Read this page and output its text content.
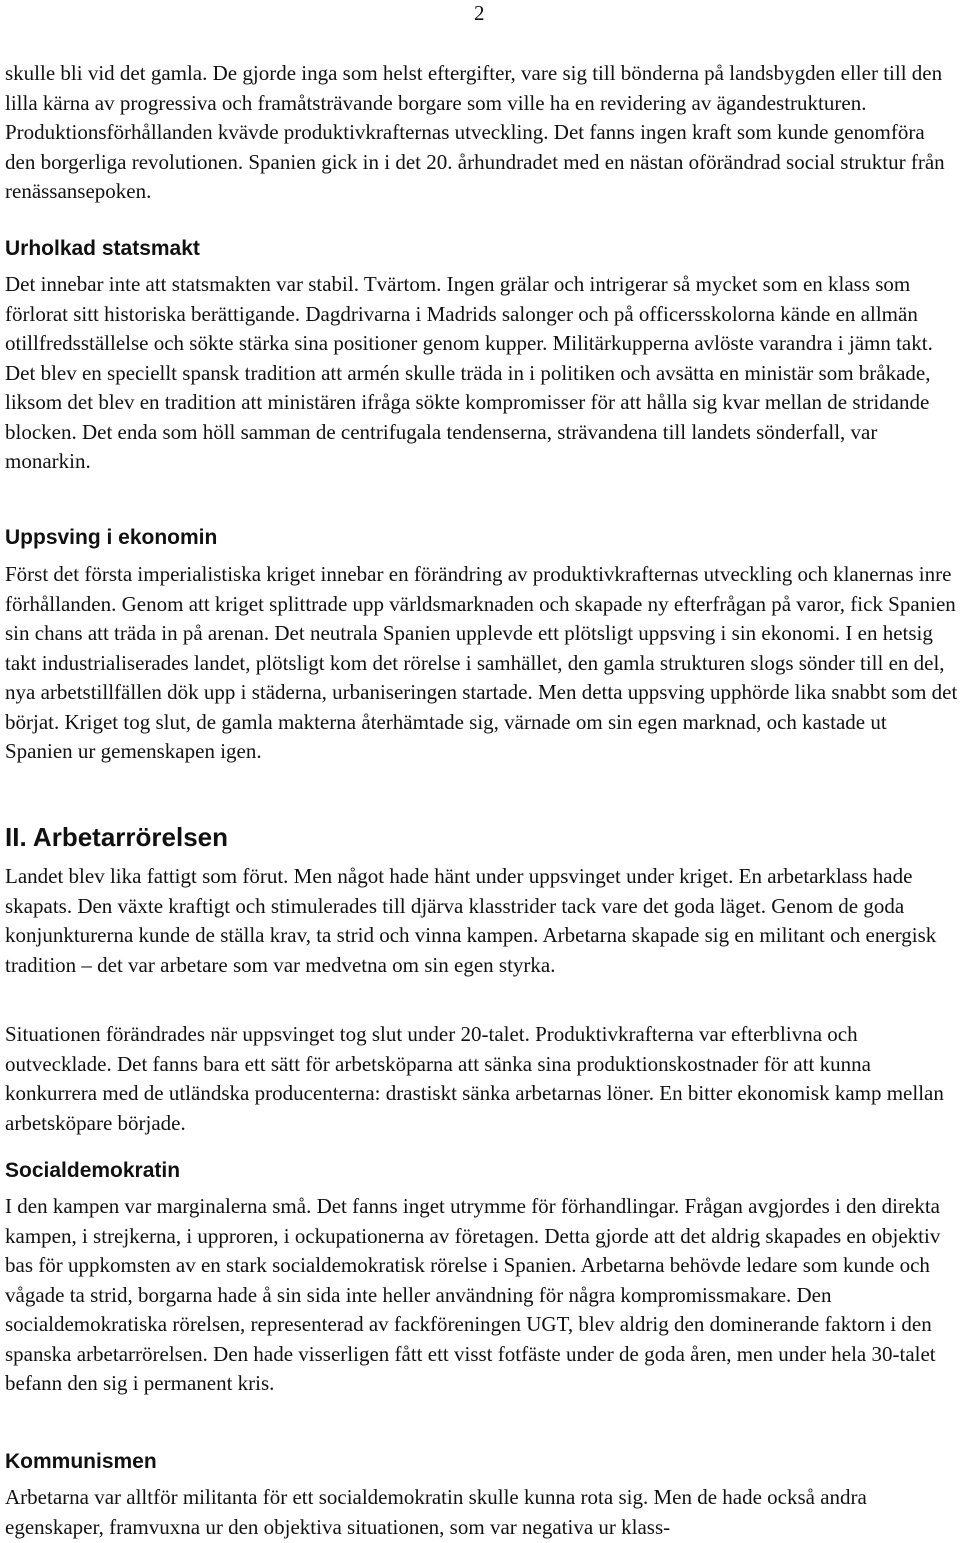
2

skulle bli vid det gamla. De gjorde inga som helst eftergifter, vare sig till bönderna på landsbygden eller till den lilla kärna av progressiva och framåtsträvande borgare som ville ha en revidering av ägandestrukturen. Produktionsförhållanden kvävde produktivkrafternas utveckling. Det fanns ingen kraft som kunde genomföra den borgerliga revolutionen. Spanien gick in i det 20. århundradet med en nästan oförändrad social struktur från renässansepoken.

Urholkad statsmakt

Det innebar inte att statsmakten var stabil. Tvärtom. Ingen grälar och intrigerar så mycket som en klass som förlorat sitt historiska berättigande. Dagdrivarna i Madrids salonger och på officersskolorna kände en allmän otillfredsställelse och sökte stärka sina positioner genom kupper. Militärkupperna avlöste varandra i jämn takt. Det blev en speciellt spansk tradition att armén skulle träda in i politiken och avsätta en ministär som bråkade, liksom det blev en tradition att ministären ifråga sökte kompromisser för att hålla sig kvar mellan de stridande blocken. Det enda som höll samman de centrifugala tendenserna, strävandena till landets sönderfall, var monarkin.

Uppsving i ekonomin

Först det första imperialistiska kriget innebar en förändring av produktivkrafternas utveckling och klanernas inre förhållanden. Genom att kriget splittrade upp världsmarknaden och skapade ny efterfrågan på varor, fick Spanien sin chans att träda in på arenan. Det neutrala Spanien upplevde ett plötsligt uppsving i sin ekonomi. I en hetsig takt industrialiserades landet, plötsligt kom det rörelse i samhället, den gamla strukturen slogs sönder till en del, nya arbetstillfällen dök upp i städerna, urbaniseringen startade. Men detta uppsving upphörde lika snabbt som det börjat. Kriget tog slut, de gamla makterna återhämtade sig, värnade om sin egen marknad, och kastade ut Spanien ur gemenskapen igen.

II. Arbetarrörelsen

Landet blev lika fattigt som förut. Men något hade hänt under uppsvinget under kriget. En arbetarklass hade skapats. Den växte kraftigt och stimulerades till djärva klasstrider tack vare det goda läget. Genom de goda konjunkturerna kunde de ställa krav, ta strid och vinna kampen. Arbetarna skapade sig en militant och energisk tradition – det var arbetare som var medvetna om sin egen styrka.

Situationen förändrades när uppsvinget tog slut under 20-talet. Produktivkrafterna var efterblivna och outvecklade. Det fanns bara ett sätt för arbetsköparna att sänka sina produktionskostnader för att kunna konkurrera med de utländska producenterna: drastiskt sänka arbetarnas löner. En bitter ekonomisk kamp mellan arbetsköpare började.

Socialdemokratin

I den kampen var marginalerna små. Det fanns inget utrymme för förhandlingar. Frågan avgjordes i den direkta kampen, i strejkerna, i upproren, i ockupationerna av företagen. Detta gjorde att det aldrig skapades en objektiv bas för uppkomsten av en stark socialdemokratisk rörelse i Spanien. Arbetarna behövde ledare som kunde och vågade ta strid, borgarna hade å sin sida inte heller användning för några kompromissmakare. Den socialdemokratiska rörelsen, representerad av fackföreningen UGT, blev aldrig den dominerande faktorn i den spanska arbetarrörelsen. Den hade visserligen fått ett visst fotfäste under de goda åren, men under hela 30-talet befann den sig i permanent kris.

Kommunismen

Arbetarna var alltför militanta för ett socialdemokratin skulle kunna rota sig. Men de hade också andra egenskaper, framvuxna ur den objektiva situationen, som var negativa ur klass-
